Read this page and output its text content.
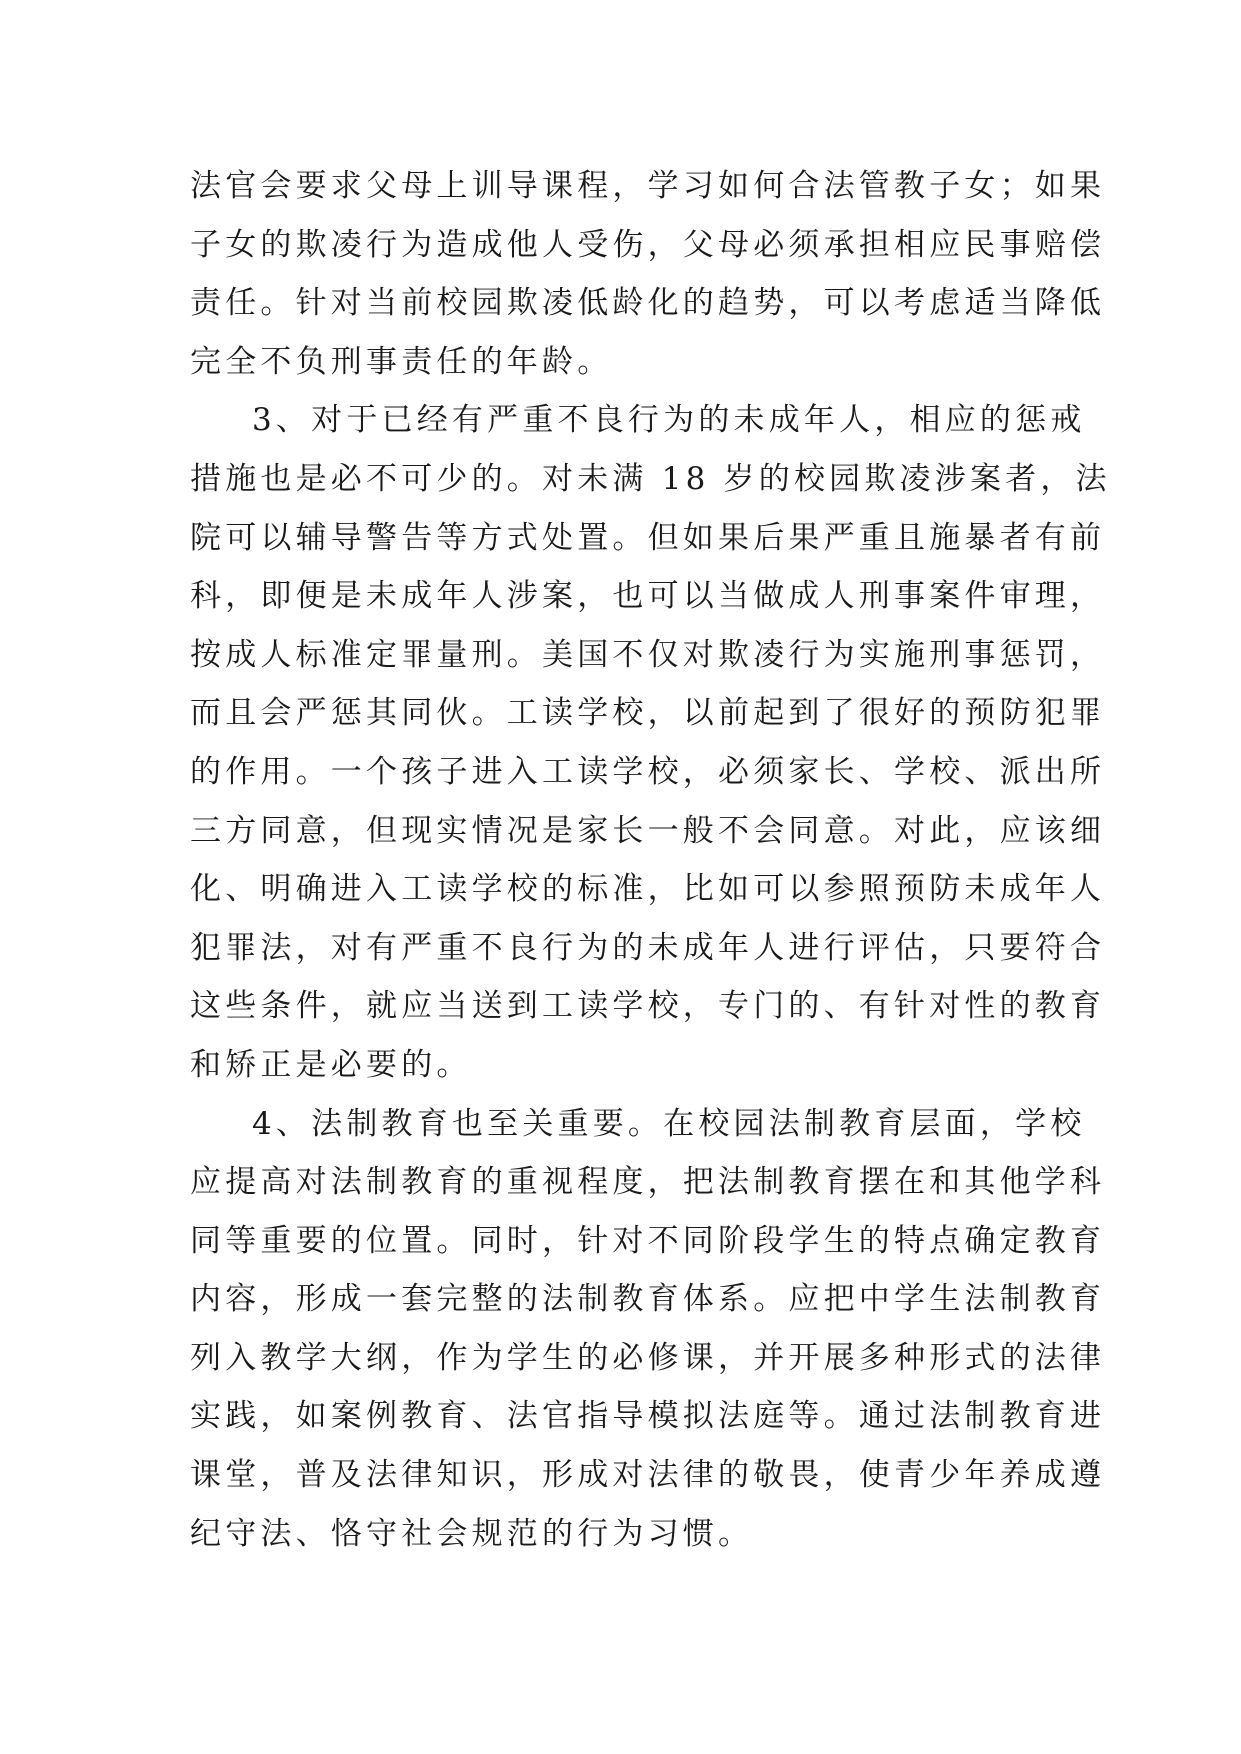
法官会要求父母上训导课程，学习如何合法管教子女；如果
子女的欺凌行为造成他人受伤，父母必须承担相应民事赔偿
责任。针对当前校园欺凌低龄化的趋势，可以考虑适当降低
完全不负刑事责任的年龄。
3、对于已经有严重不良行为的未成年人，相应的惩戒
措施也是必不可少的。对未满 18 岁的校园欺凌涉案者，法
院可以辅导警告等方式处置。但如果后果严重且施暴者有前
科，即便是未成年人涉案，也可以当做成人刑事案件审理，
按成人标准定罪量刑。美国不仅对欺凌行为实施刑事惩罚，
而且会严惩其同伙。工读学校，以前起到了很好的预防犯罪
的作用。一个孩子进入工读学校，必须家长、学校、派出所
三方同意，但现实情况是家长一般不会同意。对此，应该细
化、明确进入工读学校的标准，比如可以参照预防未成年人
犯罪法，对有严重不良行为的未成年人进行评估，只要符合
这些条件，就应当送到工读学校，专门的、有针对性的教育
和矫正是必要的。
4、法制教育也至关重要。在校园法制教育层面，学校
应提高对法制教育的重视程度，把法制教育摆在和其他学科
同等重要的位置。同时，针对不同阶段学生的特点确定教育
内容，形成一套完整的法制教育体系。应把中学生法制教育
列入教学大纲，作为学生的必修课，并开展多种形式的法律
实践，如案例教育、法官指导模拟法庭等。通过法制教育进
课堂，普及法律知识，形成对法律的敬畏，使青少年养成遵
纪守法、恪守社会规范的行为习惯。
